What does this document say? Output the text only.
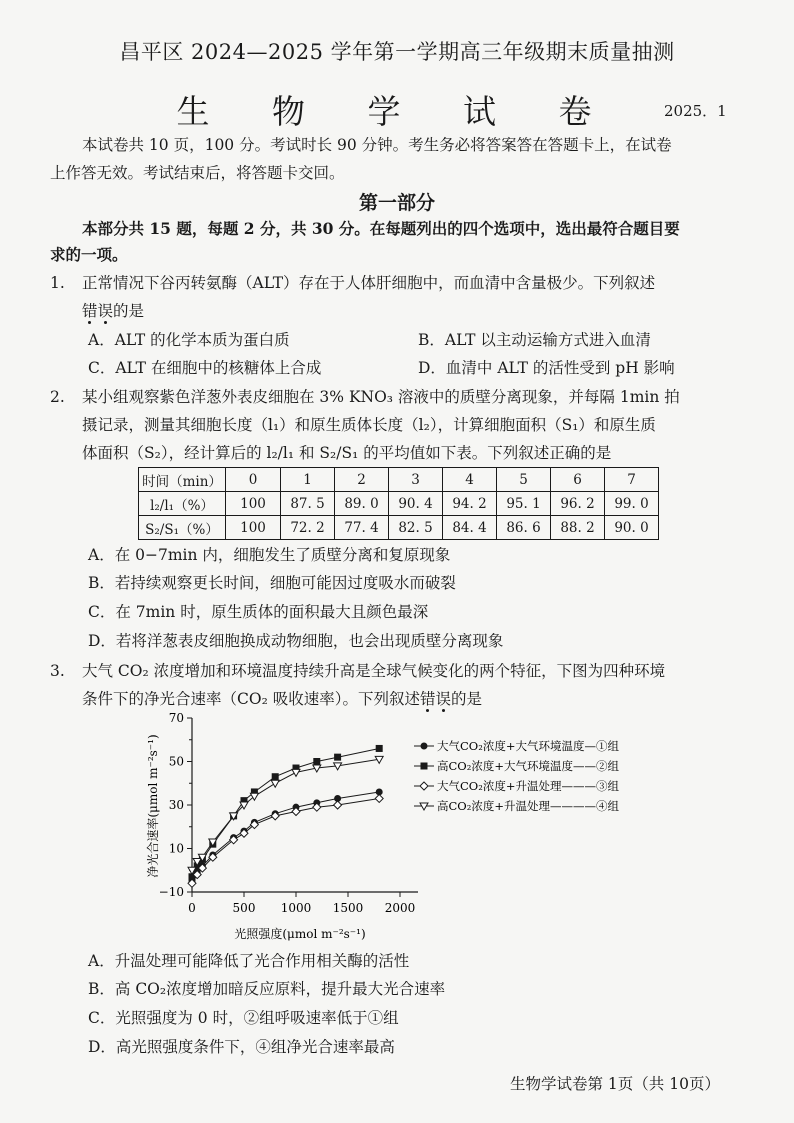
昌平区 2024—2025 学年第一学期高三年级期末质量抽测
生 物 学 试 卷	2025．1
本试卷共 10 页，100 分。考试时长 90 分钟。考生务必将答案答在答题卡上，在试卷
上作答无效。考试结束后，将答题卡交回。
第一部分
本部分共 15 题，每题 2 分，共 30 分。在每题列出的四个选项中，选出最符合题目要
求的一项。
1. 正常情况下谷丙转氨酶（ALT）存在于人体肝细胞中，而血清中含量极少。下列叙述
错误的是
A．ALT 的化学本质为蛋白质	B．ALT 以主动运输方式进入血清
C．ALT 在细胞中的核糖体上合成	D．血清中 ALT 的活性受到 pH 影响
2. 某小组观察紫色洋葱外表皮细胞在 3% KNO₃ 溶液中的质壁分离现象，并每隔 1min 拍
摄记录，测量其细胞长度（l₁）和原生质体长度（l₂），计算细胞面积（S₁）和原生质
体面积（S₂），经计算后的 l₂/l₁ 和 S₂/S₁ 的平均值如下表。下列叙述正确的是
时间（min）	0	1	2	3	4	5	6	7
l₂/l₁（%）	100	87. 5	89. 0	90. 4	94. 2	95. 1	96. 2	99. 0
S₂/S₁（%）	100	72. 2	77. 4	82. 5	84. 4	86. 6	88. 2	90. 0
A．在 0−7min 内，细胞发生了质壁分离和复原现象
B．若持续观察更长时间，细胞可能因过度吸水而破裂
C．在 7min 时，原生质体的面积最大且颜色最深
D．若将洋葱表皮细胞换成动物细胞，也会出现质壁分离现象
3. 大气 CO₂ 浓度增加和环境温度持续升高是全球气候变化的两个特征，下图为四种环境
条件下的净光合速率（CO₂ 吸收速率）。下列叙述错误的是
0	500 1000 1500 2000
−10
10
30
50
70
光照强度(μmol m⁻²s⁻¹)
净光合速率(μmol m⁻²s⁻¹)	大气CO₂浓度+大气环境温度—①组
高CO₂浓度+大气环境温度——②组
大气CO₂浓度+升温处理———③组
高CO₂浓度+升温处理————④组
A．升温处理可能降低了光合作用相关酶的活性
B．高 CO₂浓度增加暗反应原料，提升最大光合速率
C．光照强度为 0 时，②组呼吸速率低于①组
D．高光照强度条件下，④组净光合速率最高
生物学试卷第 1页（共 10页）
